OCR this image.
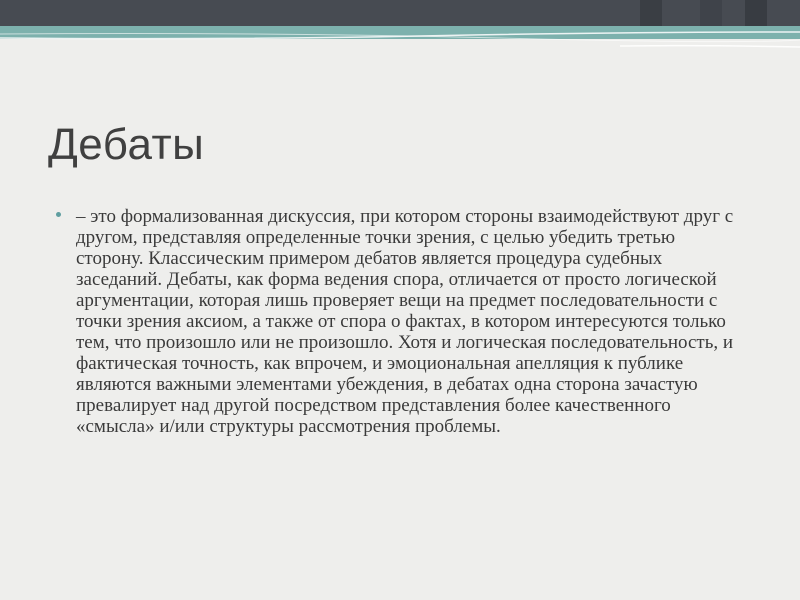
Дебаты

– это формализованная дискуссия, при котором стороны взаимодействуют друг с другом, представляя определенные точки зрения, с целью убедить третью сторону. Классическим примером дебатов является процедура судебных заседаний. Дебаты, как форма ведения спора, отличается от просто логической аргументации, которая лишь проверяет вещи на предмет последовательности с точки зрения аксиом, а также от спора о фактах, в котором интересуются только тем, что произошло или не произошло. Хотя и логическая последовательность, и фактическая точность, как впрочем, и эмоциональная апелляция к публике являются важными элементами убеждения, в дебатах одна сторона зачастую превалирует над другой посредством представления более качественного «смысла» и/или структуры рассмотрения проблемы.
